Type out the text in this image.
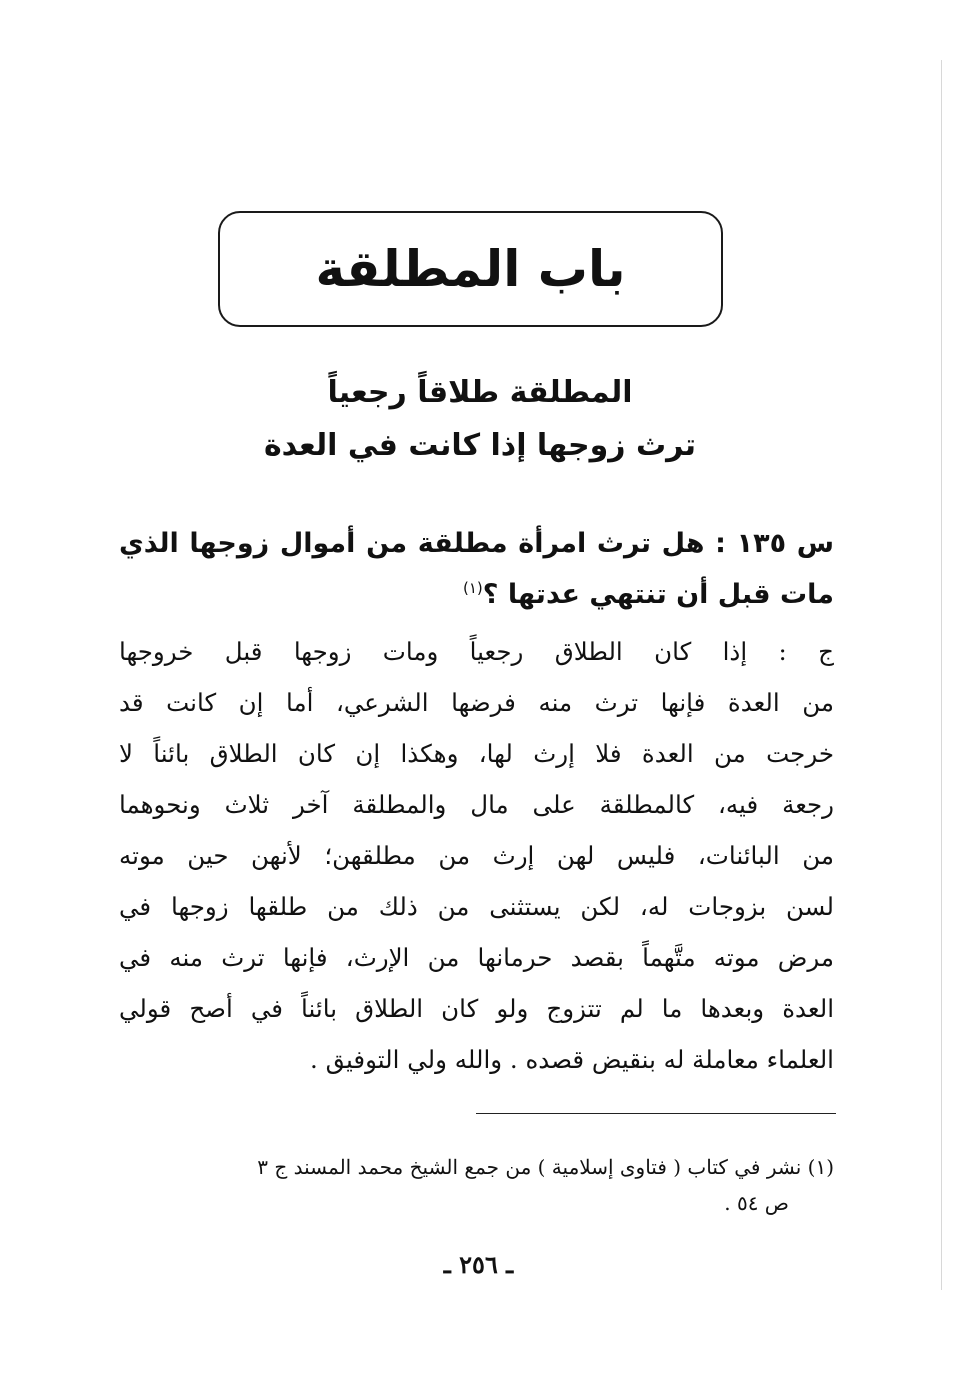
باب المطلقة
المطلقة طلاقاً رجعياً
ترث زوجها إذا كانت في العدة
س ١٣٥ : هل ترث امرأة مطلقة من أموال زوجها الذي
مات قبل أن تنتهي عدتها ؟$^{(١)}$
ج : إذا كان الطلاق رجعياً ومات زوجها قبل خروجها
من العدة فإنها ترث منه فرضها الشرعي، أما إن كانت قد
خرجت من العدة فلا إرث لها، وهكذا إن كان الطلاق بائناً لا
رجعة فيه، كالمطلقة على مال والمطلقة آخر ثلاث ونحوهما
من البائنات، فليس لهن إرث من مطلقهن؛ لأنهن حين موته
لسن بزوجات له، لكن يستثنى من ذلك من طلقها زوجها في
مرض موته متَّهماً بقصد حرمانها من الإرث، فإنها ترث منه في
العدة وبعدها ما لم تتزوج ولو كان الطلاق بائناً في أصح قولي
العلماء معاملة له بنقيض قصده . والله ولي التوفيق .
(١) نشر في كتاب ( فتاوى إسلامية ) من جمع الشيخ محمد المسند ج ٣
ص ٥٤ .
ـ ٢٥٦ ـ
